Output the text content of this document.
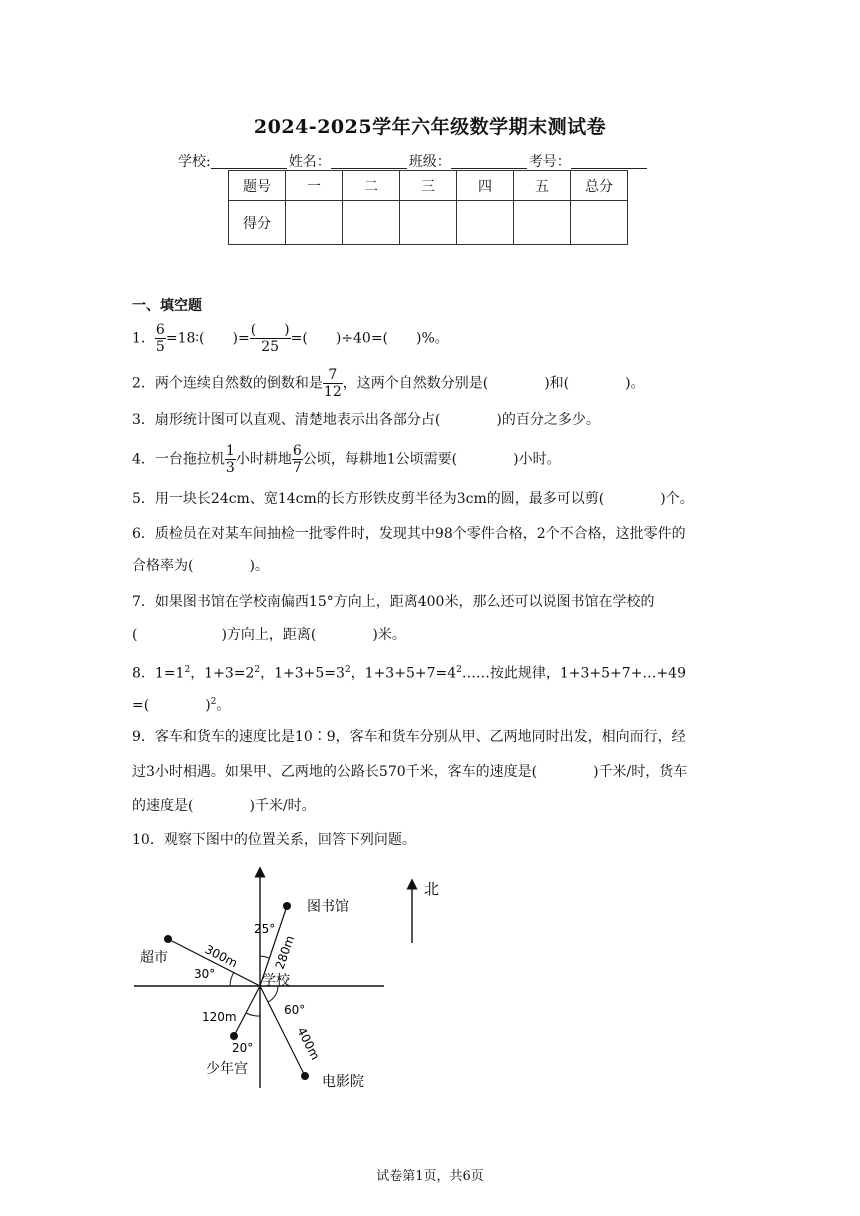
2024-2025学年六年级数学期末测试卷
学校:	姓名：	班级：	考号：
题号	一	二	三	四	五	总分
得分						
一、填空题
1． $\frac{6}{5}$ =18∶(　　)= $\frac{( )}{25}$ =(　　)÷40=(　　)%。
2．两个连续自然数的倒数和是 $\frac{7}{12}$ ，这两个自然数分别是(　　　　)和(　　　　)。
3．扇形统计图可以直观、清楚地表示出各部分占(　　　　)的百分之多少。
4．一台拖拉机 $\frac{1}{3}$ 小时耕地 $\frac{6}{7}$ 公顷，每耕地1公顷需要(　　　　)小时。
5．用一块长24cm、宽14cm的长方形铁皮剪半径为3cm的圆，最多可以剪(　　　　)个。
6．质检员在对某车间抽检一批零件时，发现其中98个零件合格，2个不合格，这批零件的
合格率为(　　　　)。
7．如果图书馆在学校南偏西15°方向上，距离400米，那么还可以说图书馆在学校的
(　　　　　　)方向上，距离(　　　　)米。
8．$1=1^2$，$1+3=2^2$，$1+3+5=3^2$，$1+3+5+7=4^2\dots\dots$按此规律，1+3+5+7+…+49
=(　　　　)$^2$。
9．客车和货车的速度比是10∶9，客车和货车分别从甲、乙两地同时出发，相向而行，经
过3小时相遇。如果甲、乙两地的公路长570千米，客车的速度是(　　　　)千米/时，货车
的速度是(　　　　)千米/时。
10．观察下图中的位置关系，回答下列问题。
图书馆
超市
学校
少年宫
电影院
25°
30°
60°
20°
300m	280m
120m
400m
北
试卷第1页，共6页
